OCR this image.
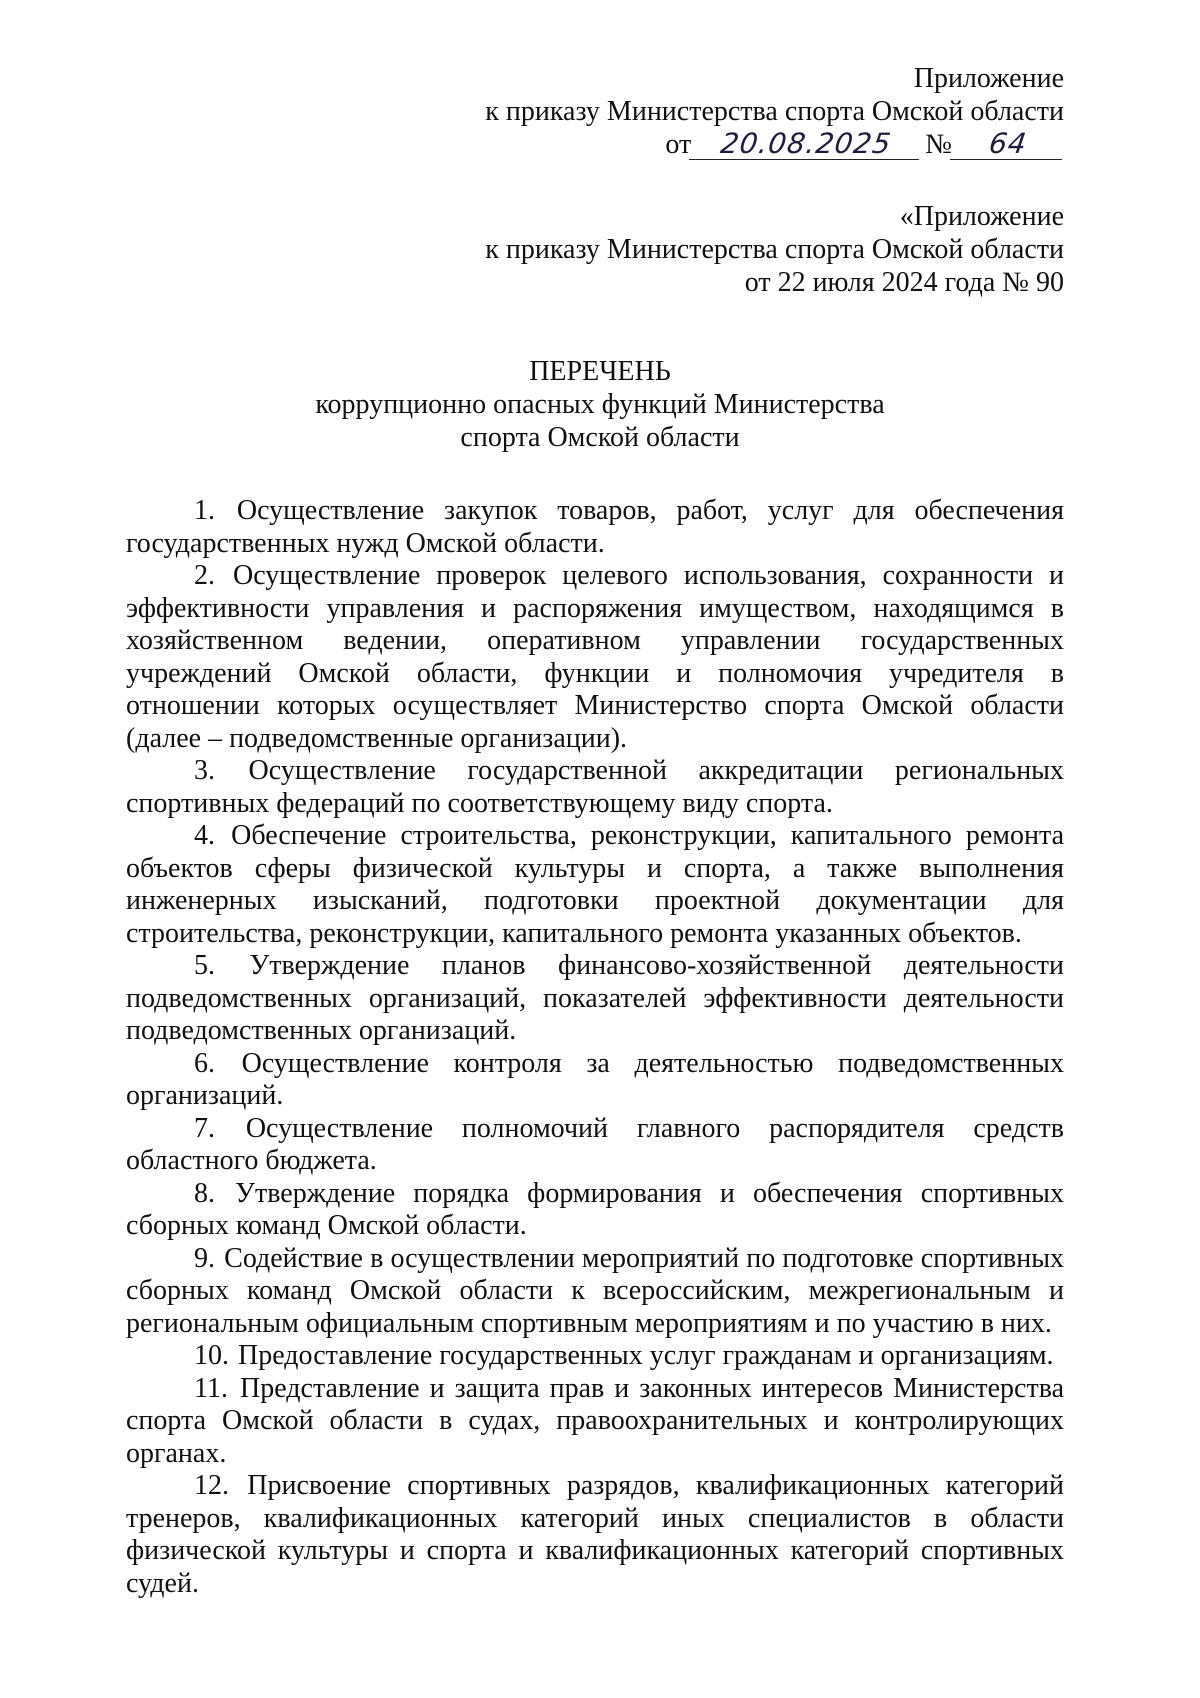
Приложение
к приказу Министерства спорта Омской области
от 20.08.2025 № 64
«Приложение
к приказу Министерства спорта Омской области
от 22 июля 2024 года № 90
ПЕРЕЧЕНЬ
коррупционно опасных функций Министерства
спорта Омской области

1. Осуществление закупок товаров, работ, услуг для обеспечения государственных нужд Омской области.

2. Осуществление проверок целевого использования, сохранности и эффективности управления и распоряжения имуществом, находящимся в хозяйственном ведении, оперативном управлении государственных учреждений Омской области, функции и полномочия учредителя в отношении которых осуществляет Министерство спорта Омской области (далее – подведомственные организации).

3. Осуществление государственной аккредитации региональных спортивных федераций по соответствующему виду спорта.

4. Обеспечение строительства, реконструкции, капитального ремонта объектов сферы физической культуры и спорта, а также выполнения инженерных изысканий, подготовки проектной документации для строительства, реконструкции, капитального ремонта указанных объектов.

5. Утверждение планов финансово-хозяйственной деятельности подведомственных организаций, показателей эффективности деятельности подведомственных организаций.

6. Осуществление контроля за деятельностью подведомственных организаций.

7. Осуществление полномочий главного распорядителя средств областного бюджета.

8. Утверждение порядка формирования и обеспечения спортивных сборных команд Омской области.

9. Содействие в осуществлении мероприятий по подготовке спортивных сборных команд Омской области к всероссийским, межрегиональным и региональным официальным спортивным мероприятиям и по участию в них.

10. Предоставление государственных услуг гражданам и организациям.

11. Представление и защита прав и законных интересов Министерства спорта Омской области в судах, правоохранительных и контролирующих органах.

12. Присвоение спортивных разрядов, квалификационных категорий тренеров, квалификационных категорий иных специалистов в области физической культуры и спорта и квалификационных категорий спортивных судей.
